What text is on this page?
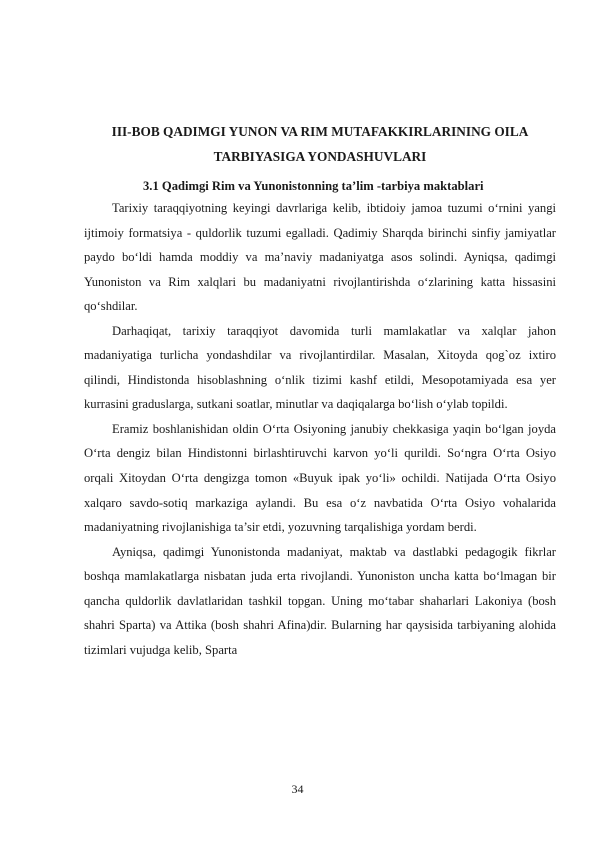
III-BOB QADIMGI YUNON VA RIM MUTAFAKKIRLARINING OILA
TARBIYASIGA YONDASHUVLARI
3.1 Qadimgi Rim va Yunonistonning ta’lim -tarbiya maktablari

Tarixiy taraqqiyotning keyingi davrlariga kelib, ibtidoiy jamoa tuzumi o‘rnini yangi ijtimoiy formatsiya - quldorlik tuzumi egalladi. Qadimiy Sharqda birinchi sinfiy jamiyatlar paydo bo‘ldi hamda moddiy va ma’naviy madaniyatga asos solindi. Ayniqsa, qadimgi Yunoniston va Rim xalqlari bu madaniyatni rivojlantirishda o‘zlarining katta hissasini qo‘shdilar.

Darhaqiqat, tarixiy taraqqiyot davomida turli mamlakatlar va xalqlar jahon madaniyatiga turlicha yondashdilar va rivojlantirdilar. Masalan, Xitoyda qog`oz ixtiro qilindi, Hindistonda hisoblashning o‘nlik tizimi kashf etildi, Mesopotamiyada esa yer kurrasini graduslarga, sutkani soatlar, minutlar va daqiqalarga bo‘lish o‘ylab topildi.

Eramiz boshlanishidan oldin O‘rta Osiyoning janubiy chekkasiga yaqin bo‘lgan joyda O‘rta dengiz bilan Hindistonni birlashtiruvchi karvon yo‘li qurildi. So‘ngra O‘rta Osiyo orqali Xitoydan O‘rta dengizga tomon «Buyuk ipak yo‘li» ochildi. Natijada O‘rta Osiyo xalqaro savdo-sotiq markaziga aylandi. Bu esa o‘z navbatida O‘rta Osiyo vohalarida madaniyatning rivojlanishiga ta’sir etdi, yozuvning tarqalishiga yordam berdi.

Ayniqsa, qadimgi Yunonistonda madaniyat, maktab va dastlabki pedagogik fikrlar boshqa mamlakatlarga nisbatan juda erta rivojlandi. Yunoniston uncha katta bo‘lmagan bir qancha quldorlik davlatlaridan tashkil topgan. Uning mo‘tabar shaharlari Lakoniya (bosh shahri Sparta) va Attika (bosh shahri Afina)dir. Bularning har qaysisida tarbiyaning alohida tizimlari vujudga kelib, Sparta

34
